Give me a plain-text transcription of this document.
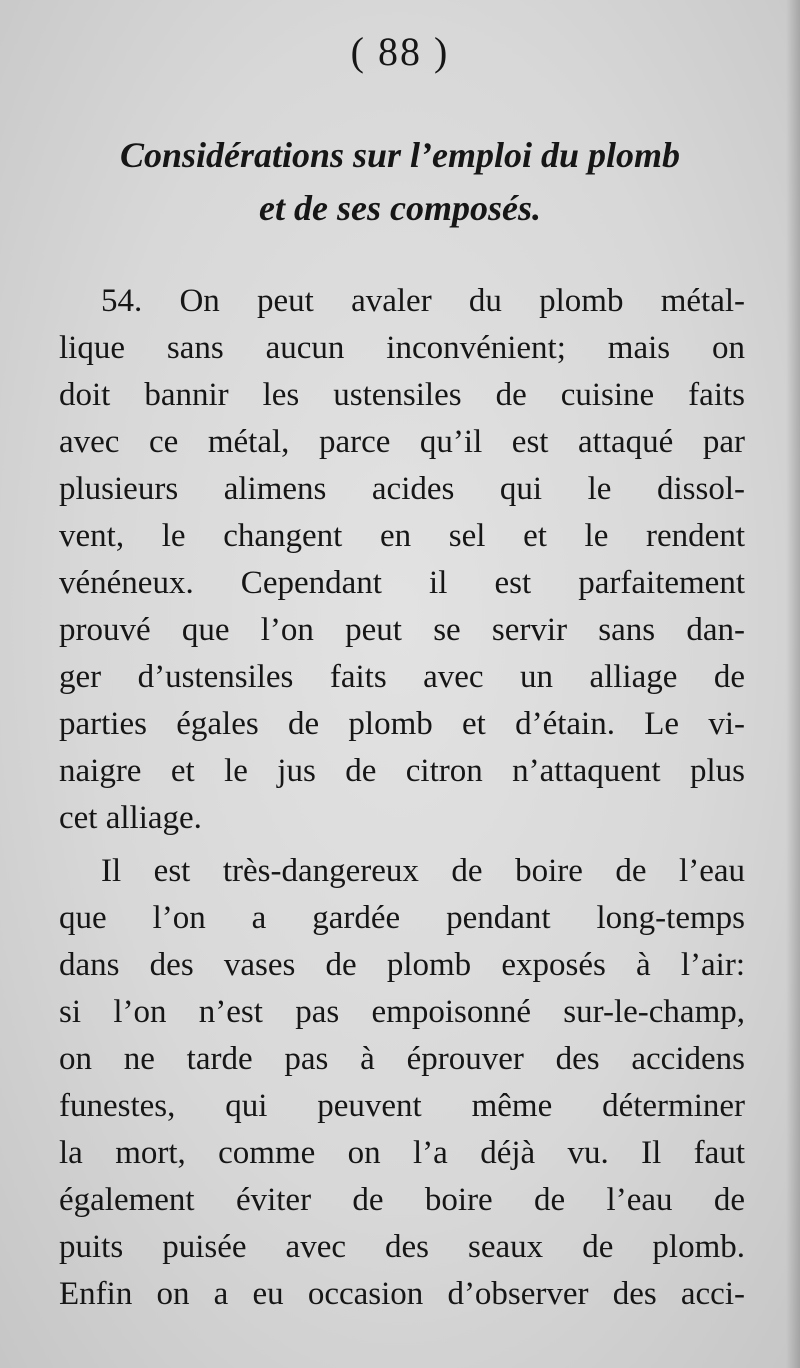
( 88 )
Considérations sur l’emploi du plomb
et de ses composés.
54. On peut avaler du plomb métal-
lique sans aucun inconvénient; mais on
doit bannir les ustensiles de cuisine faits
avec ce métal, parce qu’il est attaqué par
plusieurs alimens acides qui le dissol-
vent, le changent en sel et le rendent
vénéneux. Cependant il est parfaitement
prouvé que l’on peut se servir sans dan-
ger d’ustensiles faits avec un alliage de
parties égales de plomb et d’étain. Le vi-
naigre et le jus de citron n’attaquent plus
cet alliage.
Il est très-dangereux de boire de l’eau
que l’on a gardée pendant long-temps
dans des vases de plomb exposés à l’air:
si l’on n’est pas empoisonné sur-le-champ,
on ne tarde pas à éprouver des accidens
funestes, qui peuvent même déterminer
la mort, comme on l’a déjà vu. Il faut
également éviter de boire de l’eau de
puits puisée avec des seaux de plomb.
Enfin on a eu occasion d’observer des acci-
